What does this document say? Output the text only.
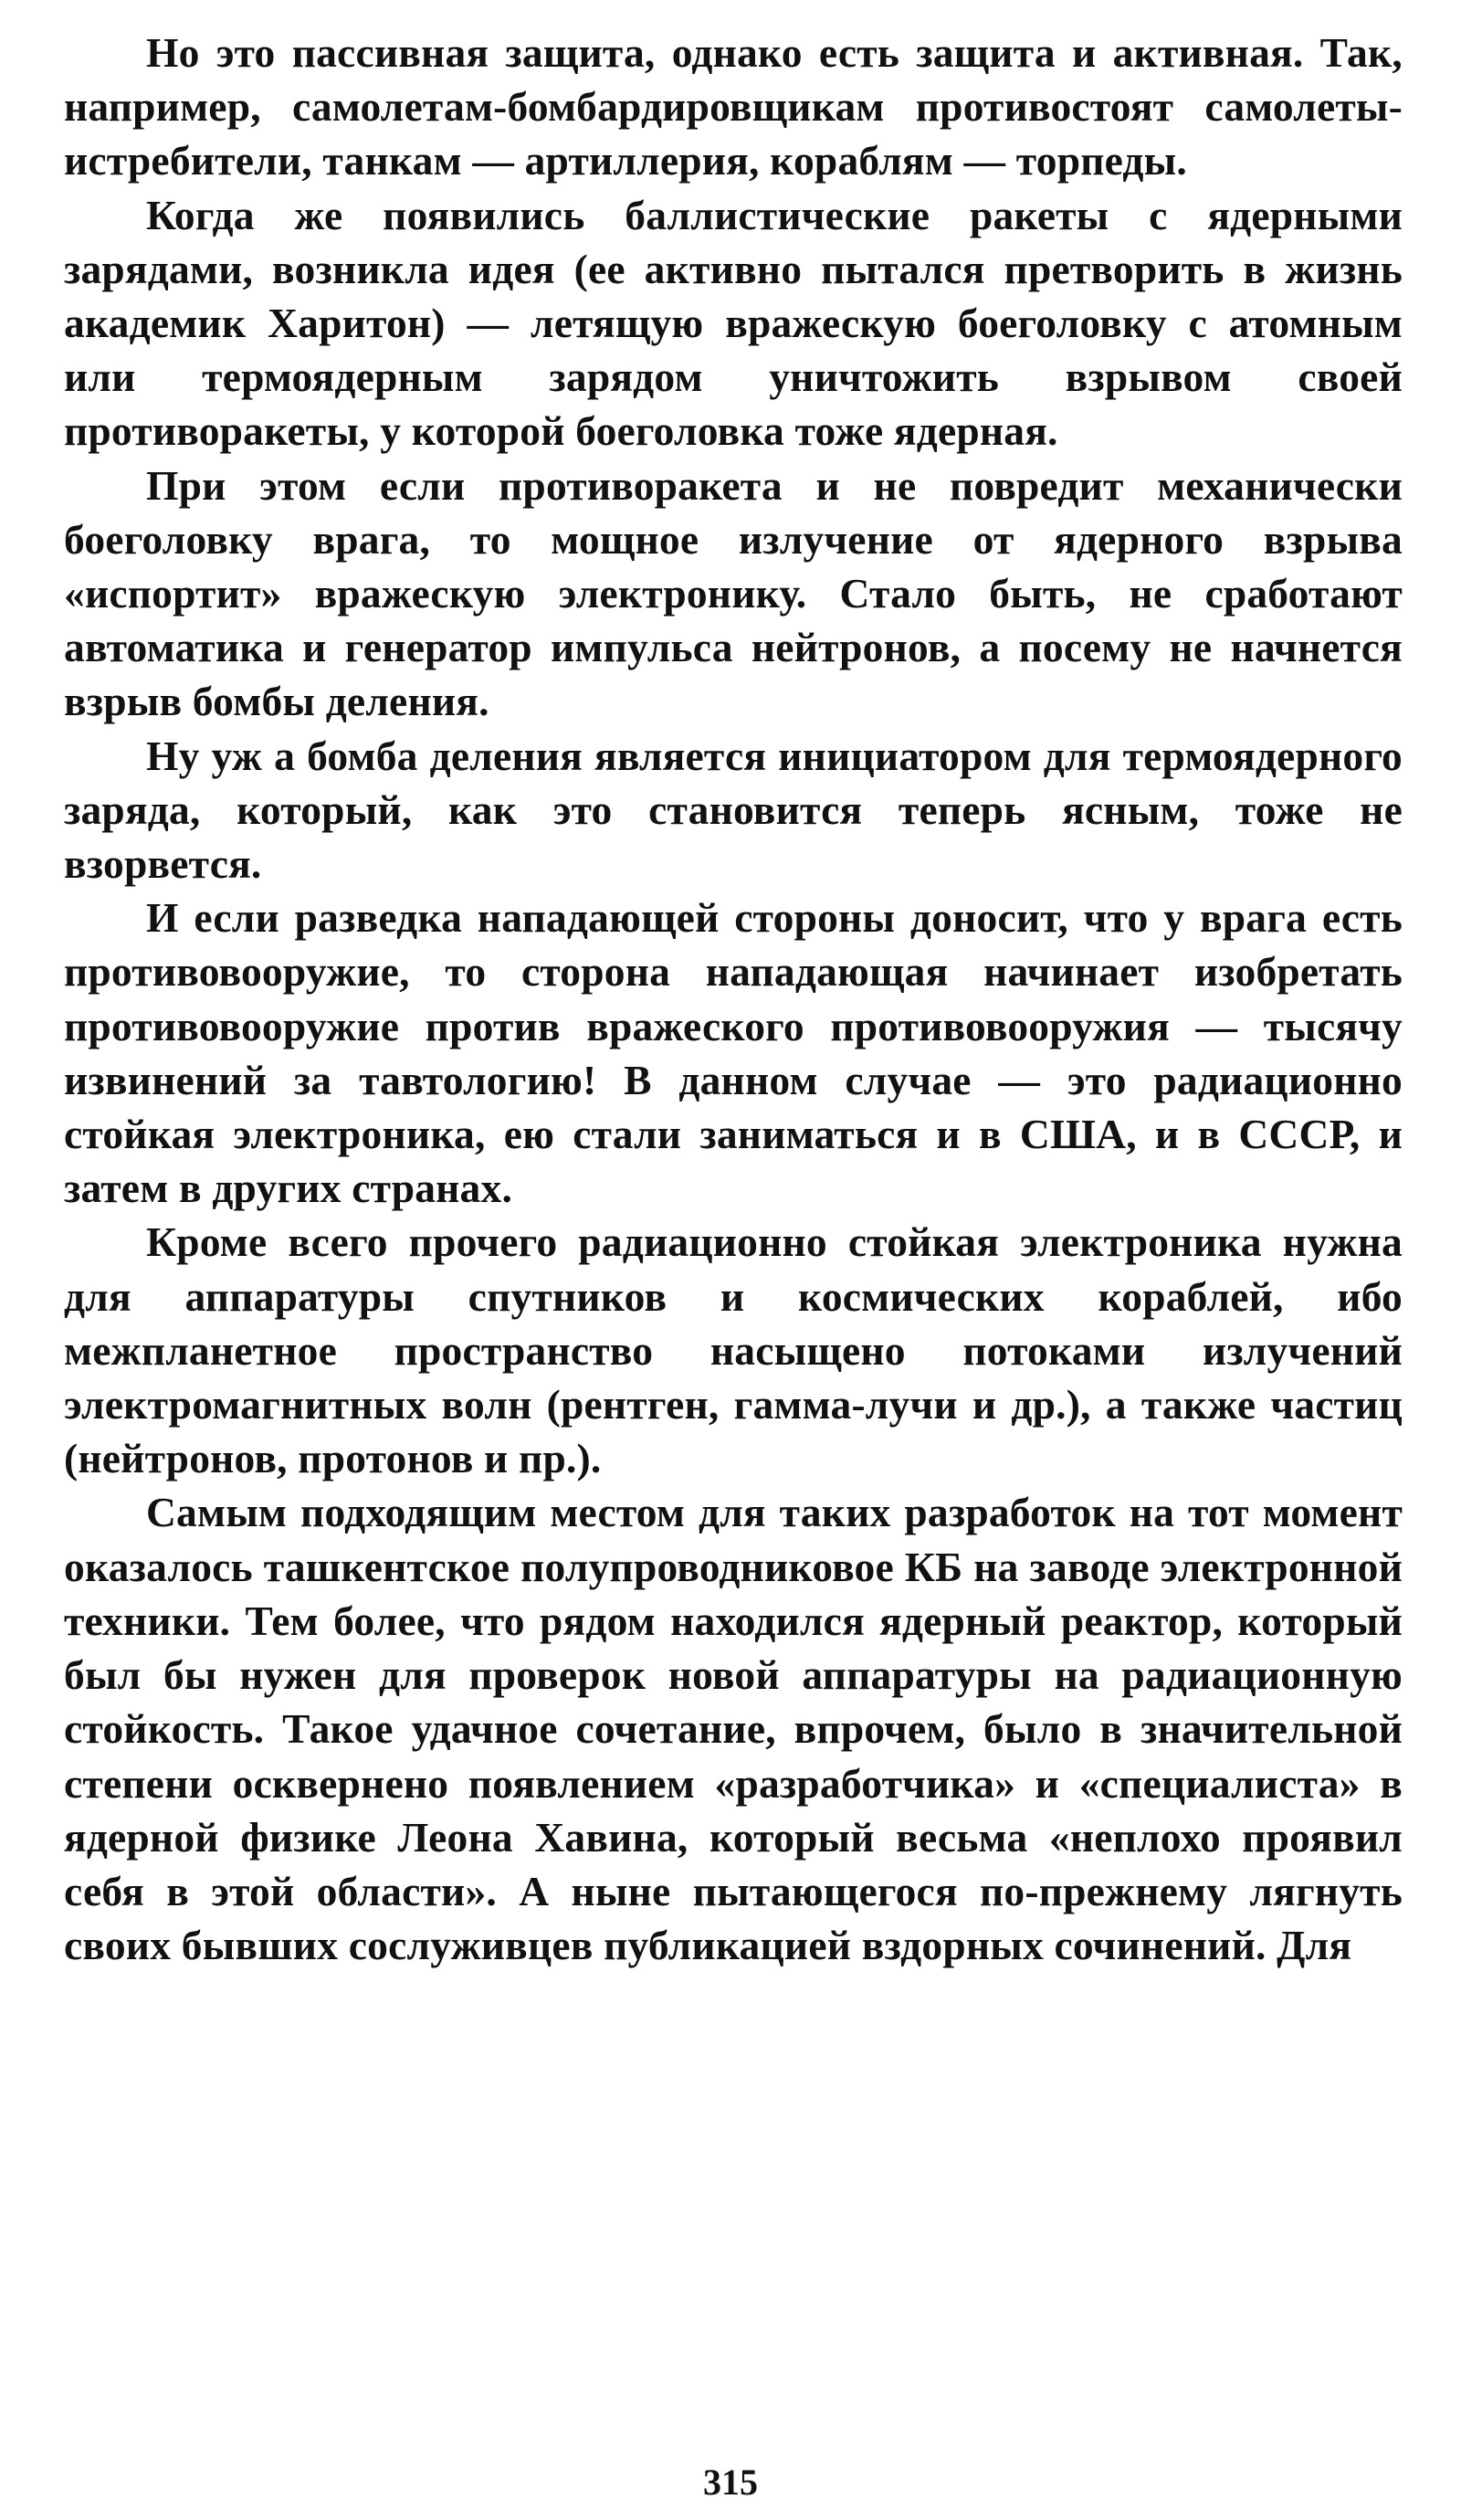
Но это пассивная защита, однако есть защита и активная. Так, например, самолетам-бомбардировщикам противостоят самолеты-истребители, танкам — артиллерия, кораблям — торпеды.

Когда же появились баллистические ракеты с ядерными зарядами, возникла идея (ее активно пытался претворить в жизнь академик Харитон) — летящую вражескую боеголовку с атомным или термоядерным зарядом уничтожить взрывом своей противоракеты, у которой боеголовка тоже ядерная.

При этом если противоракета и не повредит механически боеголовку врага, то мощное излучение от ядерного взрыва «испортит» вражескую электронику. Стало быть, не сработают автоматика и генератор импульса нейтронов, а посему не начнется взрыв бомбы деления.

Ну уж а бомба деления является инициатором для термоядерного заряда, который, как это становится теперь ясным, тоже не взорвется.

И если разведка нападающей стороны доносит, что у врага есть противовооружие, то сторона нападающая начинает изобретать противовооружие против вражеского противовооружия — тысячу извинений за тавтологию! В данном случае — это радиационно стойкая электроника, ею стали заниматься и в США, и в СССР, и затем в других странах.

Кроме всего прочего радиационно стойкая электроника нужна для аппаратуры спутников и космических кораблей, ибо межпланетное пространство насыщено потоками излучений электромагнитных волн (рентген, гамма-лучи и др.), а также частиц (нейтронов, протонов и пр.).

Самым подходящим местом для таких разработок на тот момент оказалось ташкентское полупроводниковое КБ на заводе электронной техники. Тем более, что рядом находился ядерный реактор, который был бы нужен для проверок новой аппаратуры на радиационную стойкость. Такое удачное сочетание, впрочем, было в значительной степени осквернено появлением «разработчика» и «специалиста» в ядерной физике Леона Хавина, который весьма «неплохо проявил себя в этой области». А ныне пытающегося по-прежнему лягнуть своих бывших сослуживцев публикацией вздорных сочинений. Для

315
